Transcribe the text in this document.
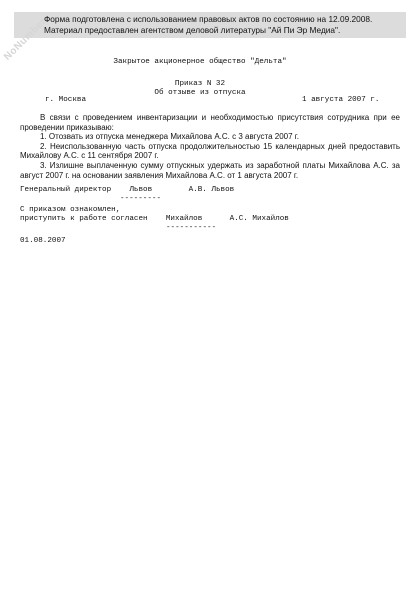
Форма подготовлена с использованием правовых актов по состоянию на 12.09.2008.
Материал предоставлен агентством деловой литературы "Ай Пи Эр Медиа".
NoNumber	Закрытое акционерное общество "Дельта"
Приказ N 32
Об отзыве из отпуска
г. Москва	1 августа 2007 г.

В связи с проведением инвентаризации и необходимостью присутствия сотрудника при ее проведении приказываю:

1. Отозвать из отпуска менеджера Михайлова А.С. с 3 августа 2007 г.

2. Неиспользованную часть отпуска продолжительностью 15 календарных дней предоставить Михайлову А.С. с 11 сентября 2007 г.

3. Излишне выплаченную сумму отпускных удержать из заработной платы Михайлова А.С. за август 2007 г. на основании заявления Михайлова А.С. от 1 августа 2007 г.

Генеральный директор    Львов        А.В. Львов
---------
С приказом ознакомлен,
приступить к работе согласен    Михайлов      А.С. Михайлов
-----------
01.08.2007
